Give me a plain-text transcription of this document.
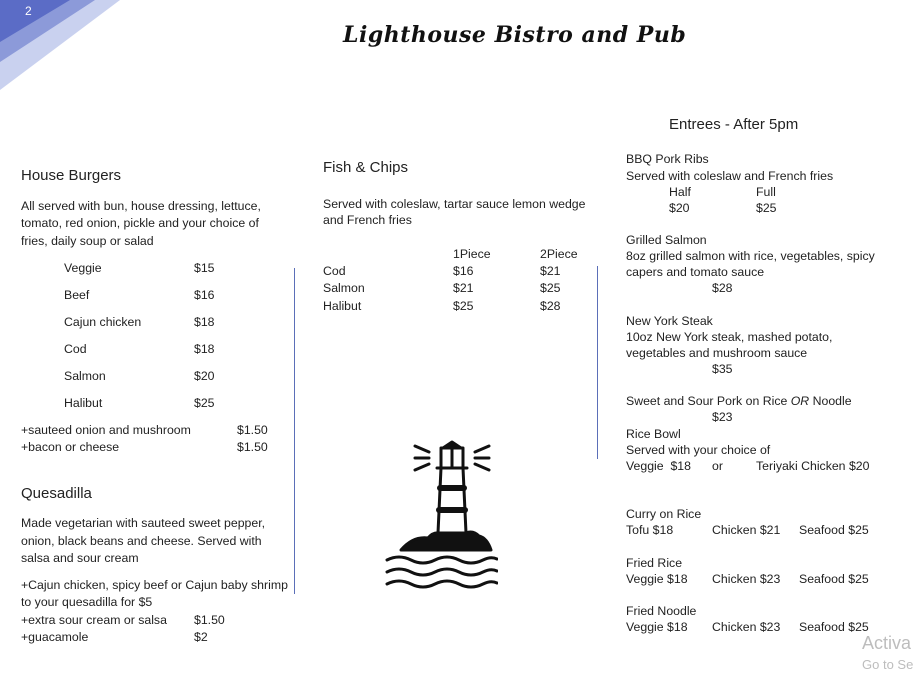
2
Lighthouse Bistro and Pub
House Burgers
All served with bun, house dressing, lettuce,
tomato, red onion, pickle and your choice of
fries, daily soup or salad
Veggie	$15
Beef	$16
Cajun chicken	$18
Cod	$18
Salmon	$20
Halibut	$25
+sauteed onion and mushroom	$1.50
+bacon or cheese	$1.50
Quesadilla
Made vegetarian with sauteed sweet pepper,
onion, black beans and cheese. Served with
salsa and sour cream
+Cajun chicken, spicy beef or Cajun baby shrimp
to your quesadilla for $5
+extra sour cream or salsa $1.50
+guacamole	$2
Fish & Chips
Served with coleslaw, tartar sauce lemon wedge
and French fries
1Piece	2Piece
Cod	$16	$21
Salmon	$21	$25
Halibut	$25	$28
Entrees - After 5pm
BBQ Pork Ribs
Served with coleslaw and French fries
Half	Full
$20	$25
Grilled Salmon
8oz grilled salmon with rice, vegetables, spicy
capers and tomato sauce
$28
New York Steak
10oz New York steak, mashed potato,
vegetables and mushroom sauce
$35
Sweet and Sour Pork on Rice OR Noodle
$23
Rice Bowl
Served with your choice of
Veggie  $18 or	Teriyaki Chicken $20
Curry on Rice
Tofu $18	Chicken $21 Seafood $25
Fried Rice
Veggie $18 Chicken $23 Seafood $25
Fried Noodle
Veggie $18 Chicken $23 Seafood $25
Activa
Go to Se
